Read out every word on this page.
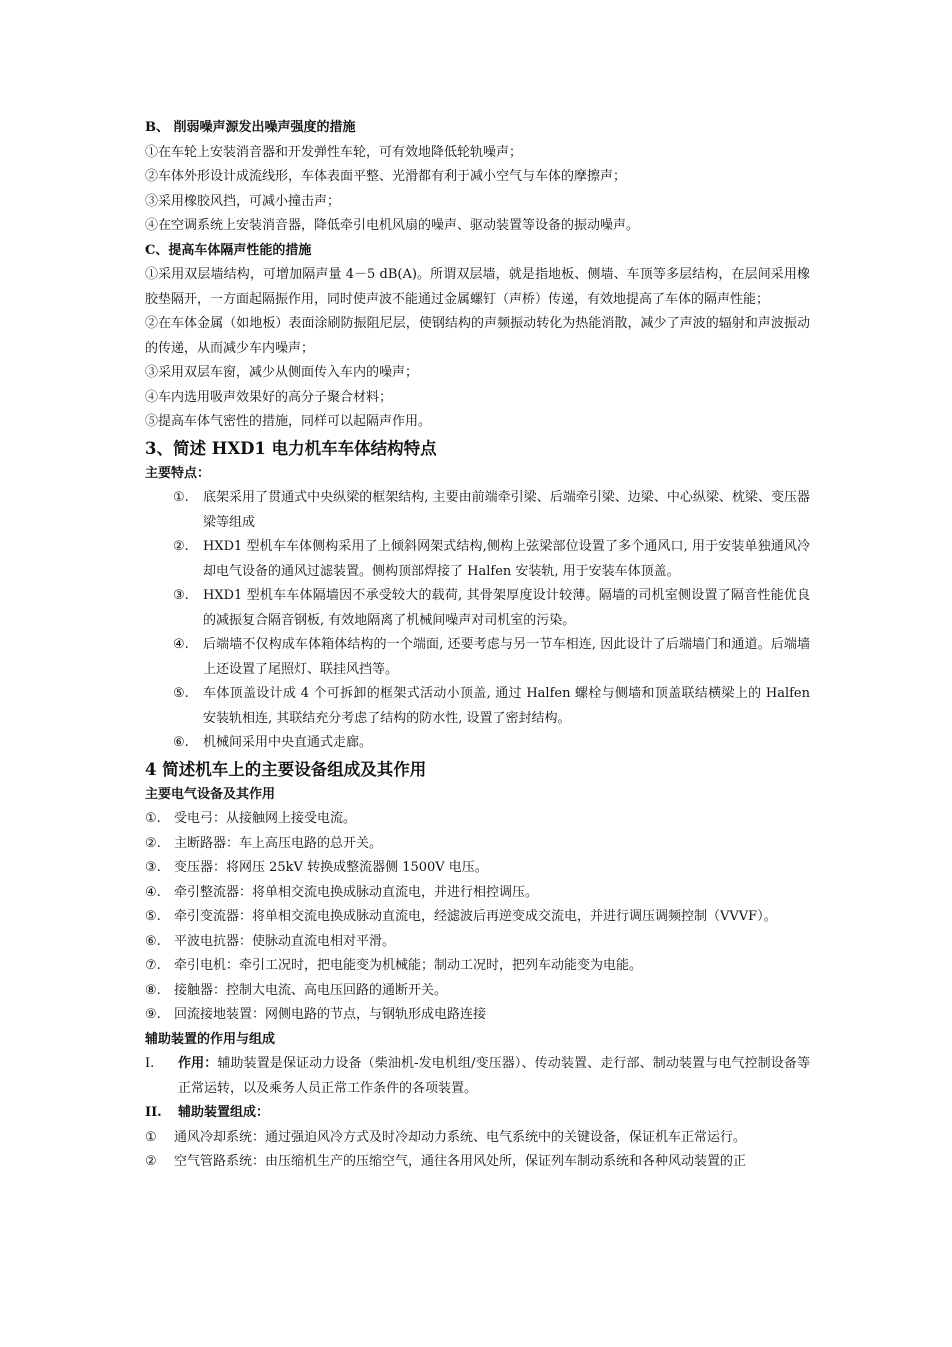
B、 削弱噪声源发出噪声强度的措施

①在车轮上安装消音器和开发弹性车轮，可有效地降低轮轨噪声；

②车体外形设计成流线形，车体表面平整、光滑都有利于减小空气与车体的摩擦声；

③采用橡胶风挡，可减小撞击声；

④在空调系统上安装消音器，降低牵引电机风扇的噪声、驱动装置等设备的振动噪声。

C、提高车体隔声性能的措施

①采用双层墙结构，可增加隔声量 4－5 dB(A)。所谓双层墙，就是指地板、侧墙、车顶等多层结构，在层间采用橡胶垫隔开，一方面起隔振作用，同时使声波不能通过金属螺钉（声桥）传递，有效地提高了车体的隔声性能；

②在车体金属（如地板）表面涂刷防振阻尼层，使钢结构的声频振动转化为热能消散，减少了声波的辐射和声波振动的传递，从而减少车内噪声；

③采用双层车窗，减少从侧面传入车内的噪声；

④车内选用吸声效果好的高分子聚合材料；

⑤提高车体气密性的措施，同样可以起隔声作用。

3、简述 HXD1 电力机车车体结构特点

主要特点：

①. 底架采用了贯通式中央纵梁的框架结构, 主要由前端牵引梁、后端牵引梁、边梁、中心纵梁、枕梁、变压器梁等组成

②. HXD1 型机车车体侧构采用了上倾斜网架式结构,侧构上弦梁部位设置了多个通风口, 用于安装单独通风冷却电气设备的通风过滤装置。侧构顶部焊接了 Halfen 安装轨, 用于安装车体顶盖。

③. HXD1 型机车车体隔墙因不承受较大的载荷, 其骨架厚度设计较薄。隔墙的司机室侧设置了隔音性能优良的减振复合隔音钢板, 有效地隔离了机械间噪声对司机室的污染。

④. 后端墙不仅构成车体箱体结构的一个端面, 还要考虑与另一节车相连, 因此设计了后端墙门和通道。后端墙上还设置了尾照灯、联挂风挡等。

⑤. 车体顶盖设计成 4 个可拆卸的框架式活动小顶盖, 通过 Halfen 螺栓与侧墙和顶盖联结横梁上的 Halfen 安装轨相连, 其联结充分考虑了结构的防水性, 设置了密封结构。

⑥. 机械间采用中央直通式走廊。

4 简述机车上的主要设备组成及其作用

主要电气设备及其作用

①. 受电弓：从接触网上接受电流。

②. 主断路器：车上高压电路的总开关。

③. 变压器：将网压 25kV 转换成整流器侧 1500V 电压。

④. 牵引整流器：将单相交流电换成脉动直流电，并进行相控调压。

⑤. 牵引变流器：将单相交流电换成脉动直流电，经滤波后再逆变成交流电，并进行调压调频控制（VVVF）。

⑥. 平波电抗器：使脉动直流电相对平滑。

⑦. 牵引电机：牵引工况时，把电能变为机械能；制动工况时，把列车动能变为电能。

⑧. 接触器：控制大电流、高电压回路的通断开关。

⑨. 回流接地装置：网侧电路的节点，与钢轨形成电路连接

辅助装置的作用与组成

I. 作用：辅助装置是保证动力设备（柴油机-发电机组/变压器）、传动装置、走行部、制动装置与电气控制设备等正常运转，以及乘务人员正常工作条件的各项装置。

II. 辅助装置组成：

① 通风冷却系统：通过强迫风冷方式及时冷却动力系统、电气系统中的关键设备，保证机车正常运行。

② 空气管路系统：由压缩机生产的压缩空气，通往各用风处所，保证列车制动系统和各种风动装置的正
